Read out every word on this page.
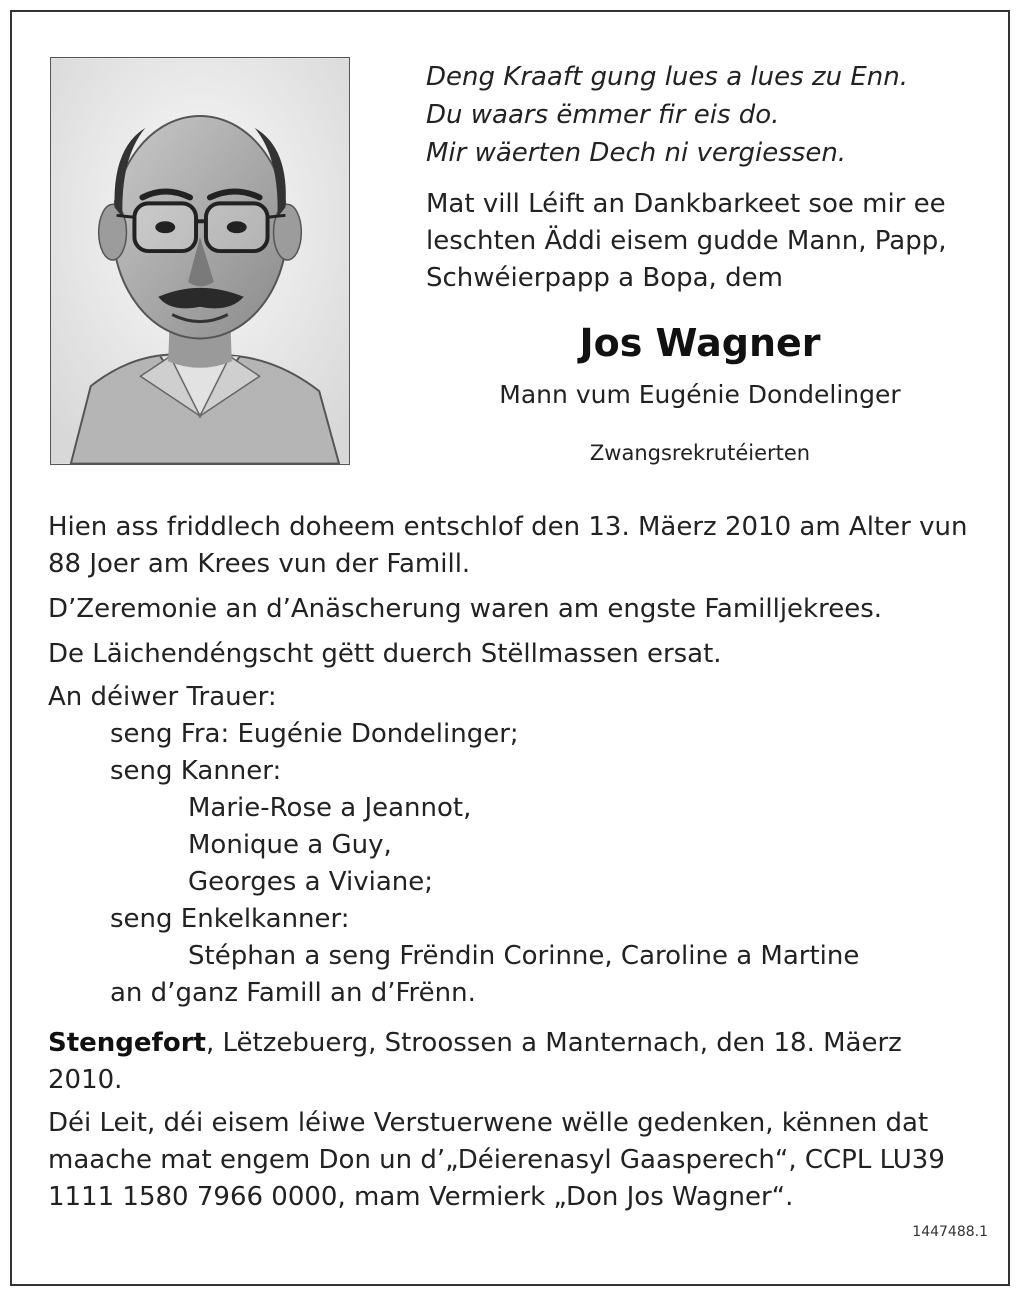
Deng Kraaft gung lues a lues zu Enn.
Du waars ëmmer fir eis do.
Mir wäerten Dech ni vergiessen.
Mat vill Léift an Dankbarkeet soe mir ee leschten Äddi eisem gudde Mann, Papp, Schwéierpapp a Bopa, dem
Jos Wagner
Mann vum Eugénie Dondelinger
Zwangsrekrutéierten

Hien ass friddlech doheem entschlof den 13. Mäerz 2010 am Alter vun 88 Joer am Krees vun der Famill.

D’Zeremonie an d’Anäscherung waren am engste Familljekrees.

De Läichendéngscht gëtt duerch Stëllmassen ersat.

An déiwer Trauer:
seng Fra: Eugénie Dondelinger;
seng Kanner:
Marie-Rose a Jeannot,
Monique a Guy,
Georges a Viviane;
seng Enkelkanner:
Stéphan a seng Frëndin Corinne, Caroline a Martine
an d’ganz Famill an d’Frënn.

Stengefort, Lëtzebuerg, Stroossen a Manternach, den 18. Mäerz 2010.

Déi Leit, déi eisem léiwe Verstuerwene wëlle gedenken, kënnen dat maache mat engem Don un d’„Déierenasyl Gaasperech“, CCPL LU39 1111 1580 7966 0000, mam Vermierk „Don Jos Wagner“.

1447488.1
